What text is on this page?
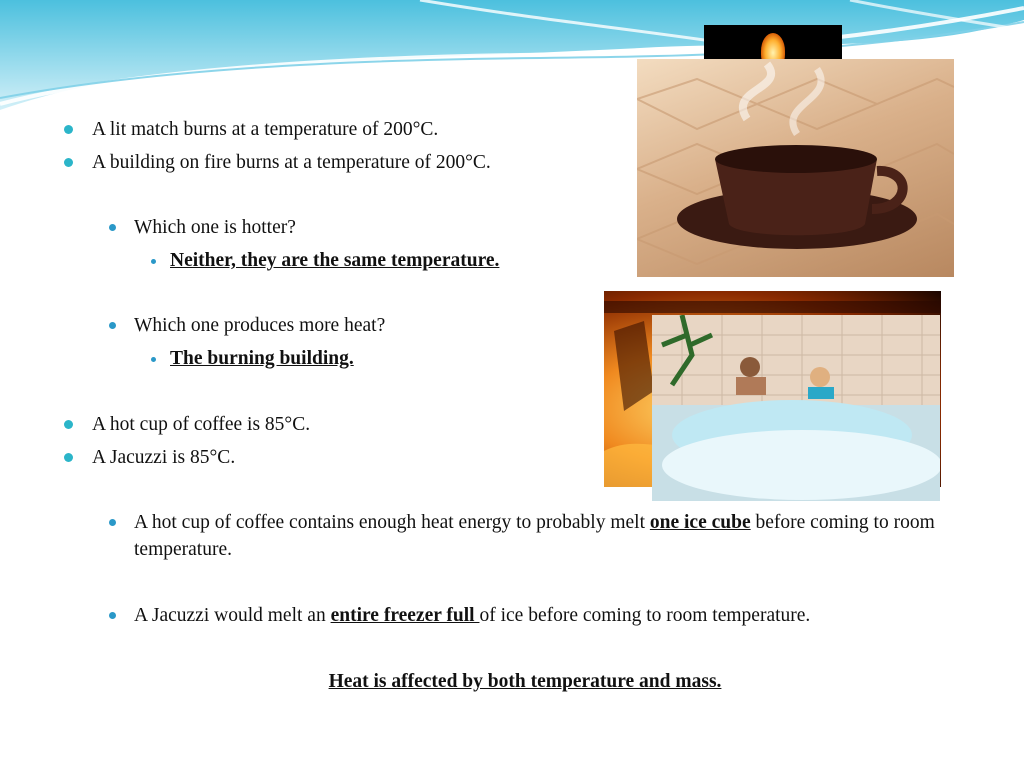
A lit match burns at a temperature of 200°C.
A building on fire burns at a temperature of 200°C.
Which one is hotter?
Neither, they are the same temperature.
Which one produces more heat?
The burning building.
A hot cup of coffee is 85°C.
A Jacuzzi is 85°C.
A hot cup of coffee contains enough heat energy to probably melt one ice cube before coming to room temperature.
A Jacuzzi would melt an entire freezer full of ice before coming to room temperature.
Heat is affected by both temperature and mass.
